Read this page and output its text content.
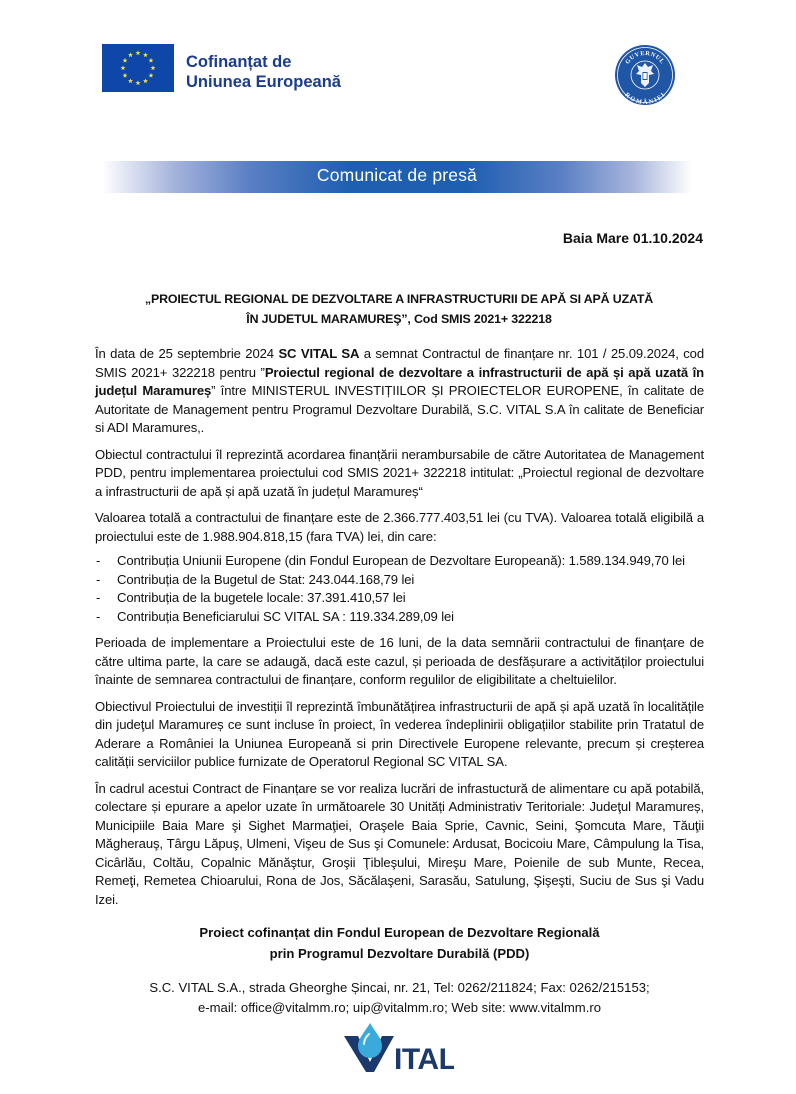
Cofinanțat de
Uniunea Europeană
GUVERNUL
ROMÂNIEI
Comunicat de presă
Baia Mare 01.10.2024
„PROIECTUL REGIONAL DE DEZVOLTARE A INFRASTRUCTURII DE APĂ SI APĂ UZATĂ
ÎN JUDETUL MARAMUREŞ”, Cod SMIS 2021+ 322218

În data de 25 septembrie 2024 SC VITAL SA a semnat Contractul de finanțare nr. 101 / 25.09.2024, cod SMIS 2021+ 322218 pentru ”Proiectul regional de dezvoltare a infrastructurii de apă și apă uzată în județul Maramureș” între MINISTERUL INVESTIȚIILOR ȘI PROIECTELOR EUROPENE, în calitate de Autoritate de Management pentru Programul Dezvoltare Durabilă, S.C. VITAL S.A în calitate de Beneficiar si ADI Maramures,.

Obiectul contractului îl reprezintă acordarea finanțării nerambursabile de către Autoritatea de Management PDD, pentru implementarea proiectului cod SMIS 2021+ 322218 intitulat: „Proiectul regional de dezvoltare a infrastructurii de apă și apă uzată în județul Maramureș“

Valoarea totală a contractului de finanțare este de 2.366.777.403,51 lei (cu TVA). Valoarea totală eligibilă a proiectului este de 1.988.904.818,15 (fara TVA) lei, din care:

- Contribuția Uniunii Europene (din Fondul European de Dezvoltare Europeană): 1.589.134.949,70 lei
- Contribuția de la Bugetul de Stat: 243.044.168,79 lei
- Contribuția de la bugetele locale: 37.391.410,57 lei
- Contribuția Beneficiarului SC VITAL SA : 119.334.289,09 lei

Perioada de implementare a Proiectului este de 16 luni, de la data semnării contractului de finanțare de către ultima parte, la care se adaugă, dacă este cazul, și perioada de desfășurare a activităților proiectului înainte de semnarea contractului de finanțare, conform regulilor de eligibilitate a cheltuielilor.

Obiectivul Proiectului de investiții îl reprezintă îmbunătățirea infrastructurii de apă și apă uzată în localitățile din judeţul Maramureș ce sunt incluse în proiect, în vederea îndeplinirii obligațiilor stabilite prin Tratatul de Aderare a României la Uniunea Europeană si prin Directivele Europene relevante, precum și creșterea calității serviciilor publice furnizate de Operatorul Regional SC VITAL SA.

În cadrul acestui Contract de Finanțare se vor realiza lucrări de infrastuctură de alimentare cu apă potabilă, colectare și epurare a apelor uzate în următoarele 30 Unități Administrativ Teritoriale: Judeţul Maramureș, Municipiile Baia Mare şi Sighet Marmaţiei, Oraşele Baia Sprie, Cavnic, Seini, Şomcuta Mare, Tăuţii Măgherauş, Târgu Lăpuş, Ulmeni, Vişeu de Sus şi Comunele: Ardusat, Bocicoiu Mare, Câmpulung la Tisa, Cicârlău, Coltău, Copalnic Mănăştur, Groşii Ţibleşului, Mireşu Mare, Poienile de sub Munte, Recea, Remeţi, Remetea Chioarului, Rona de Jos, Săcălaşeni, Sarasău, Satulung, Şişeşti, Suciu de Sus şi Vadu Izei.

Proiect cofinanțat din Fondul European de Dezvoltare Regională
prin Programul Dezvoltare Durabilă (PDD)
S.C. VITAL S.A., strada Gheorghe Șincai, nr. 21, Tel: 0262/211824; Fax: 0262/215153;
e-mail: office@vitalmm.ro; uip@vitalmm.ro; Web site: www.vitalmm.ro
ITAL
